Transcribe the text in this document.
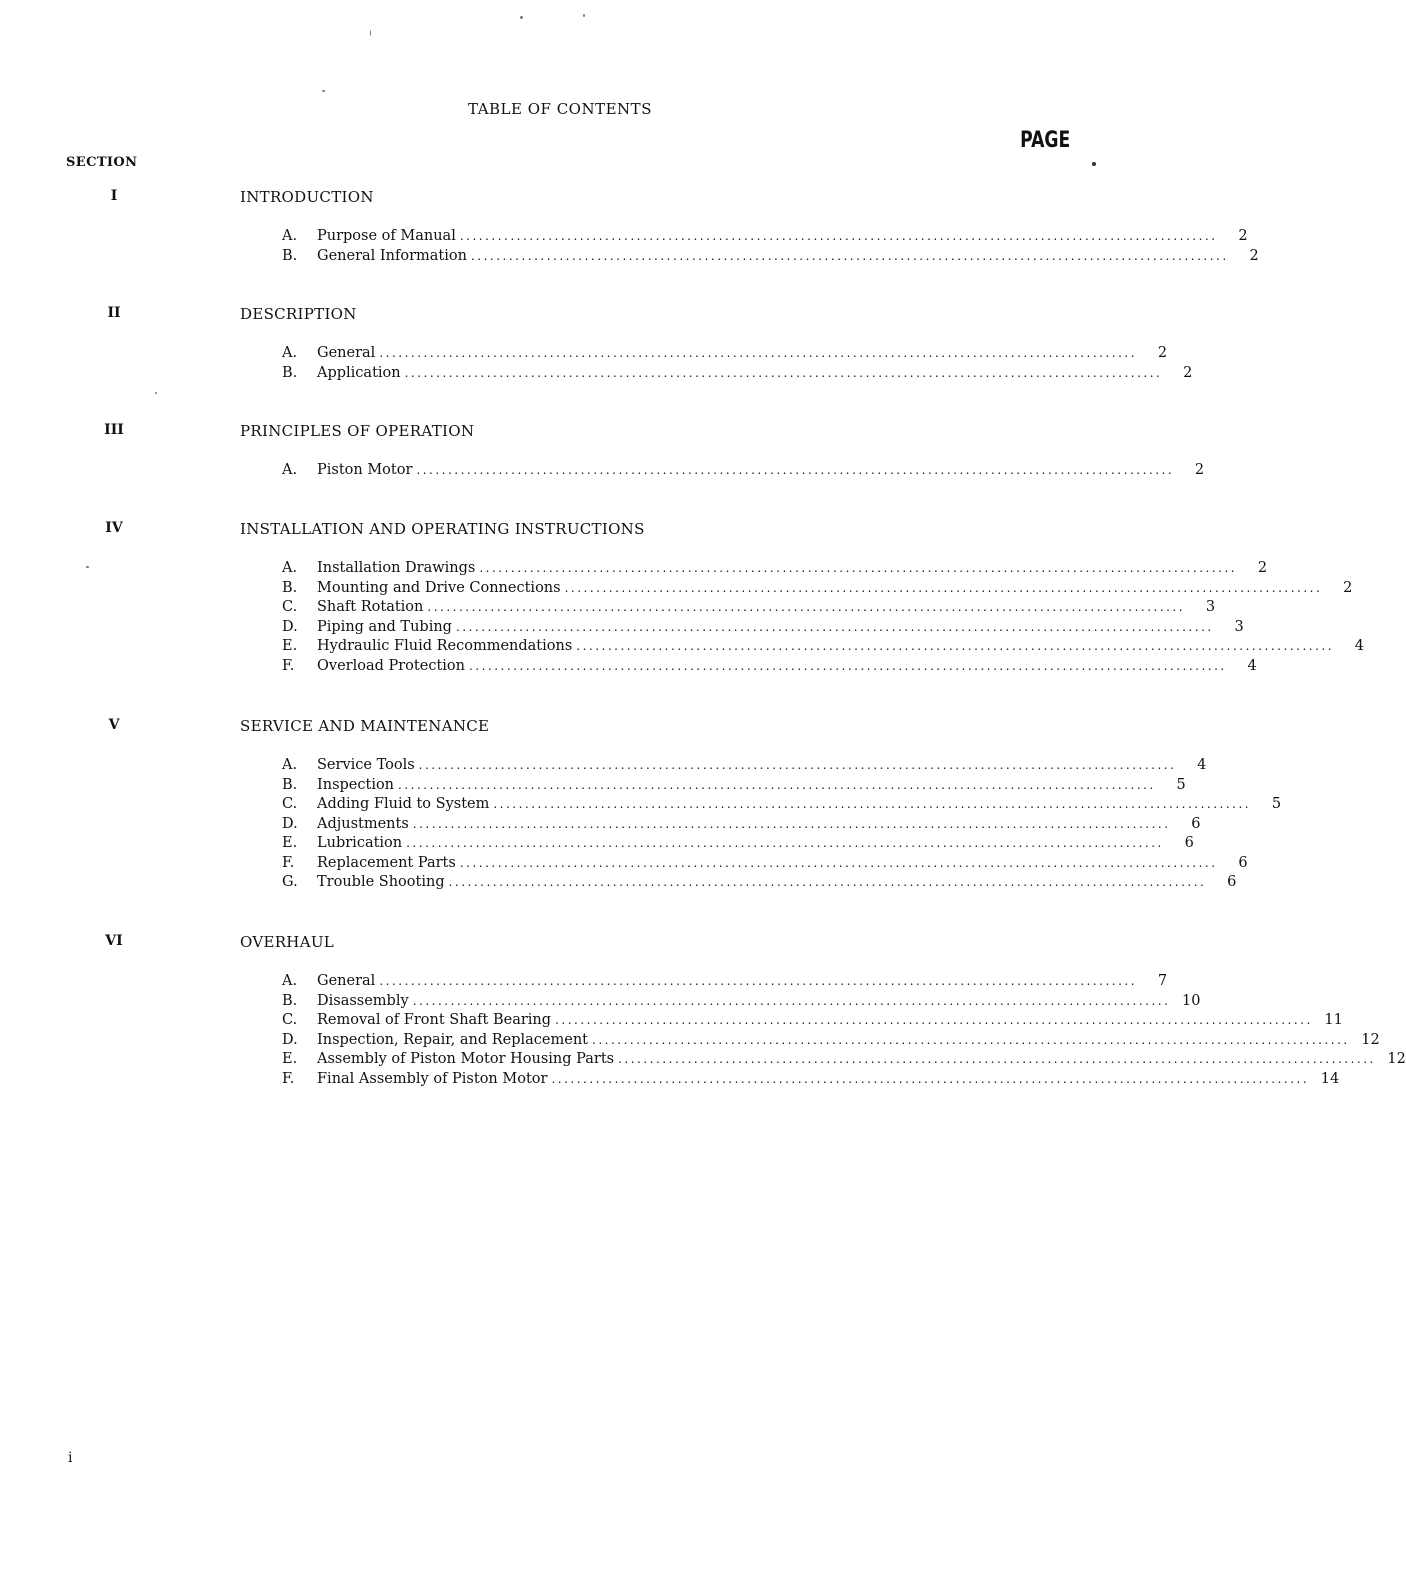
TABLE OF CONTENTS
PAGE
SECTION
I	INTRODUCTION
A.	Purpose of Manual ........................................................................................................................	2
B.	General Information ........................................................................................................................	2
II	DESCRIPTION
A.	General ........................................................................................................................	2
B.	Application ........................................................................................................................	2
III	PRINCIPLES OF OPERATION
A.	Piston Motor ........................................................................................................................	2
IV	INSTALLATION AND OPERATING INSTRUCTIONS
A.	Installation Drawings ........................................................................................................................	2
B.	Mounting and Drive Connections ........................................................................................................................	2
C.	Shaft Rotation ........................................................................................................................	3
D.	Piping and Tubing ........................................................................................................................	3
E.	Hydraulic Fluid Recommendations ........................................................................................................................	4
F.	Overload Protection ........................................................................................................................	4
V	SERVICE AND MAINTENANCE
A.	Service Tools ........................................................................................................................	4
B.	Inspection ........................................................................................................................	5
C.	Adding Fluid to System ........................................................................................................................	5
D.	Adjustments ........................................................................................................................	6
E.	Lubrication ........................................................................................................................	6
F.	Replacement Parts ........................................................................................................................	6
G.	Trouble Shooting ........................................................................................................................	6
VI	OVERHAUL
A.	General ........................................................................................................................	7
B.	Disassembly ........................................................................................................................ 10
C.	Removal of Front Shaft Bearing ........................................................................................................................ 11
D.	Inspection, Repair, and Replacement ........................................................................................................................ 12
E.	Assembly of Piston Motor Housing Parts ........................................................................................................................ 12
F.	Final Assembly of Piston Motor ........................................................................................................................ 14
i
